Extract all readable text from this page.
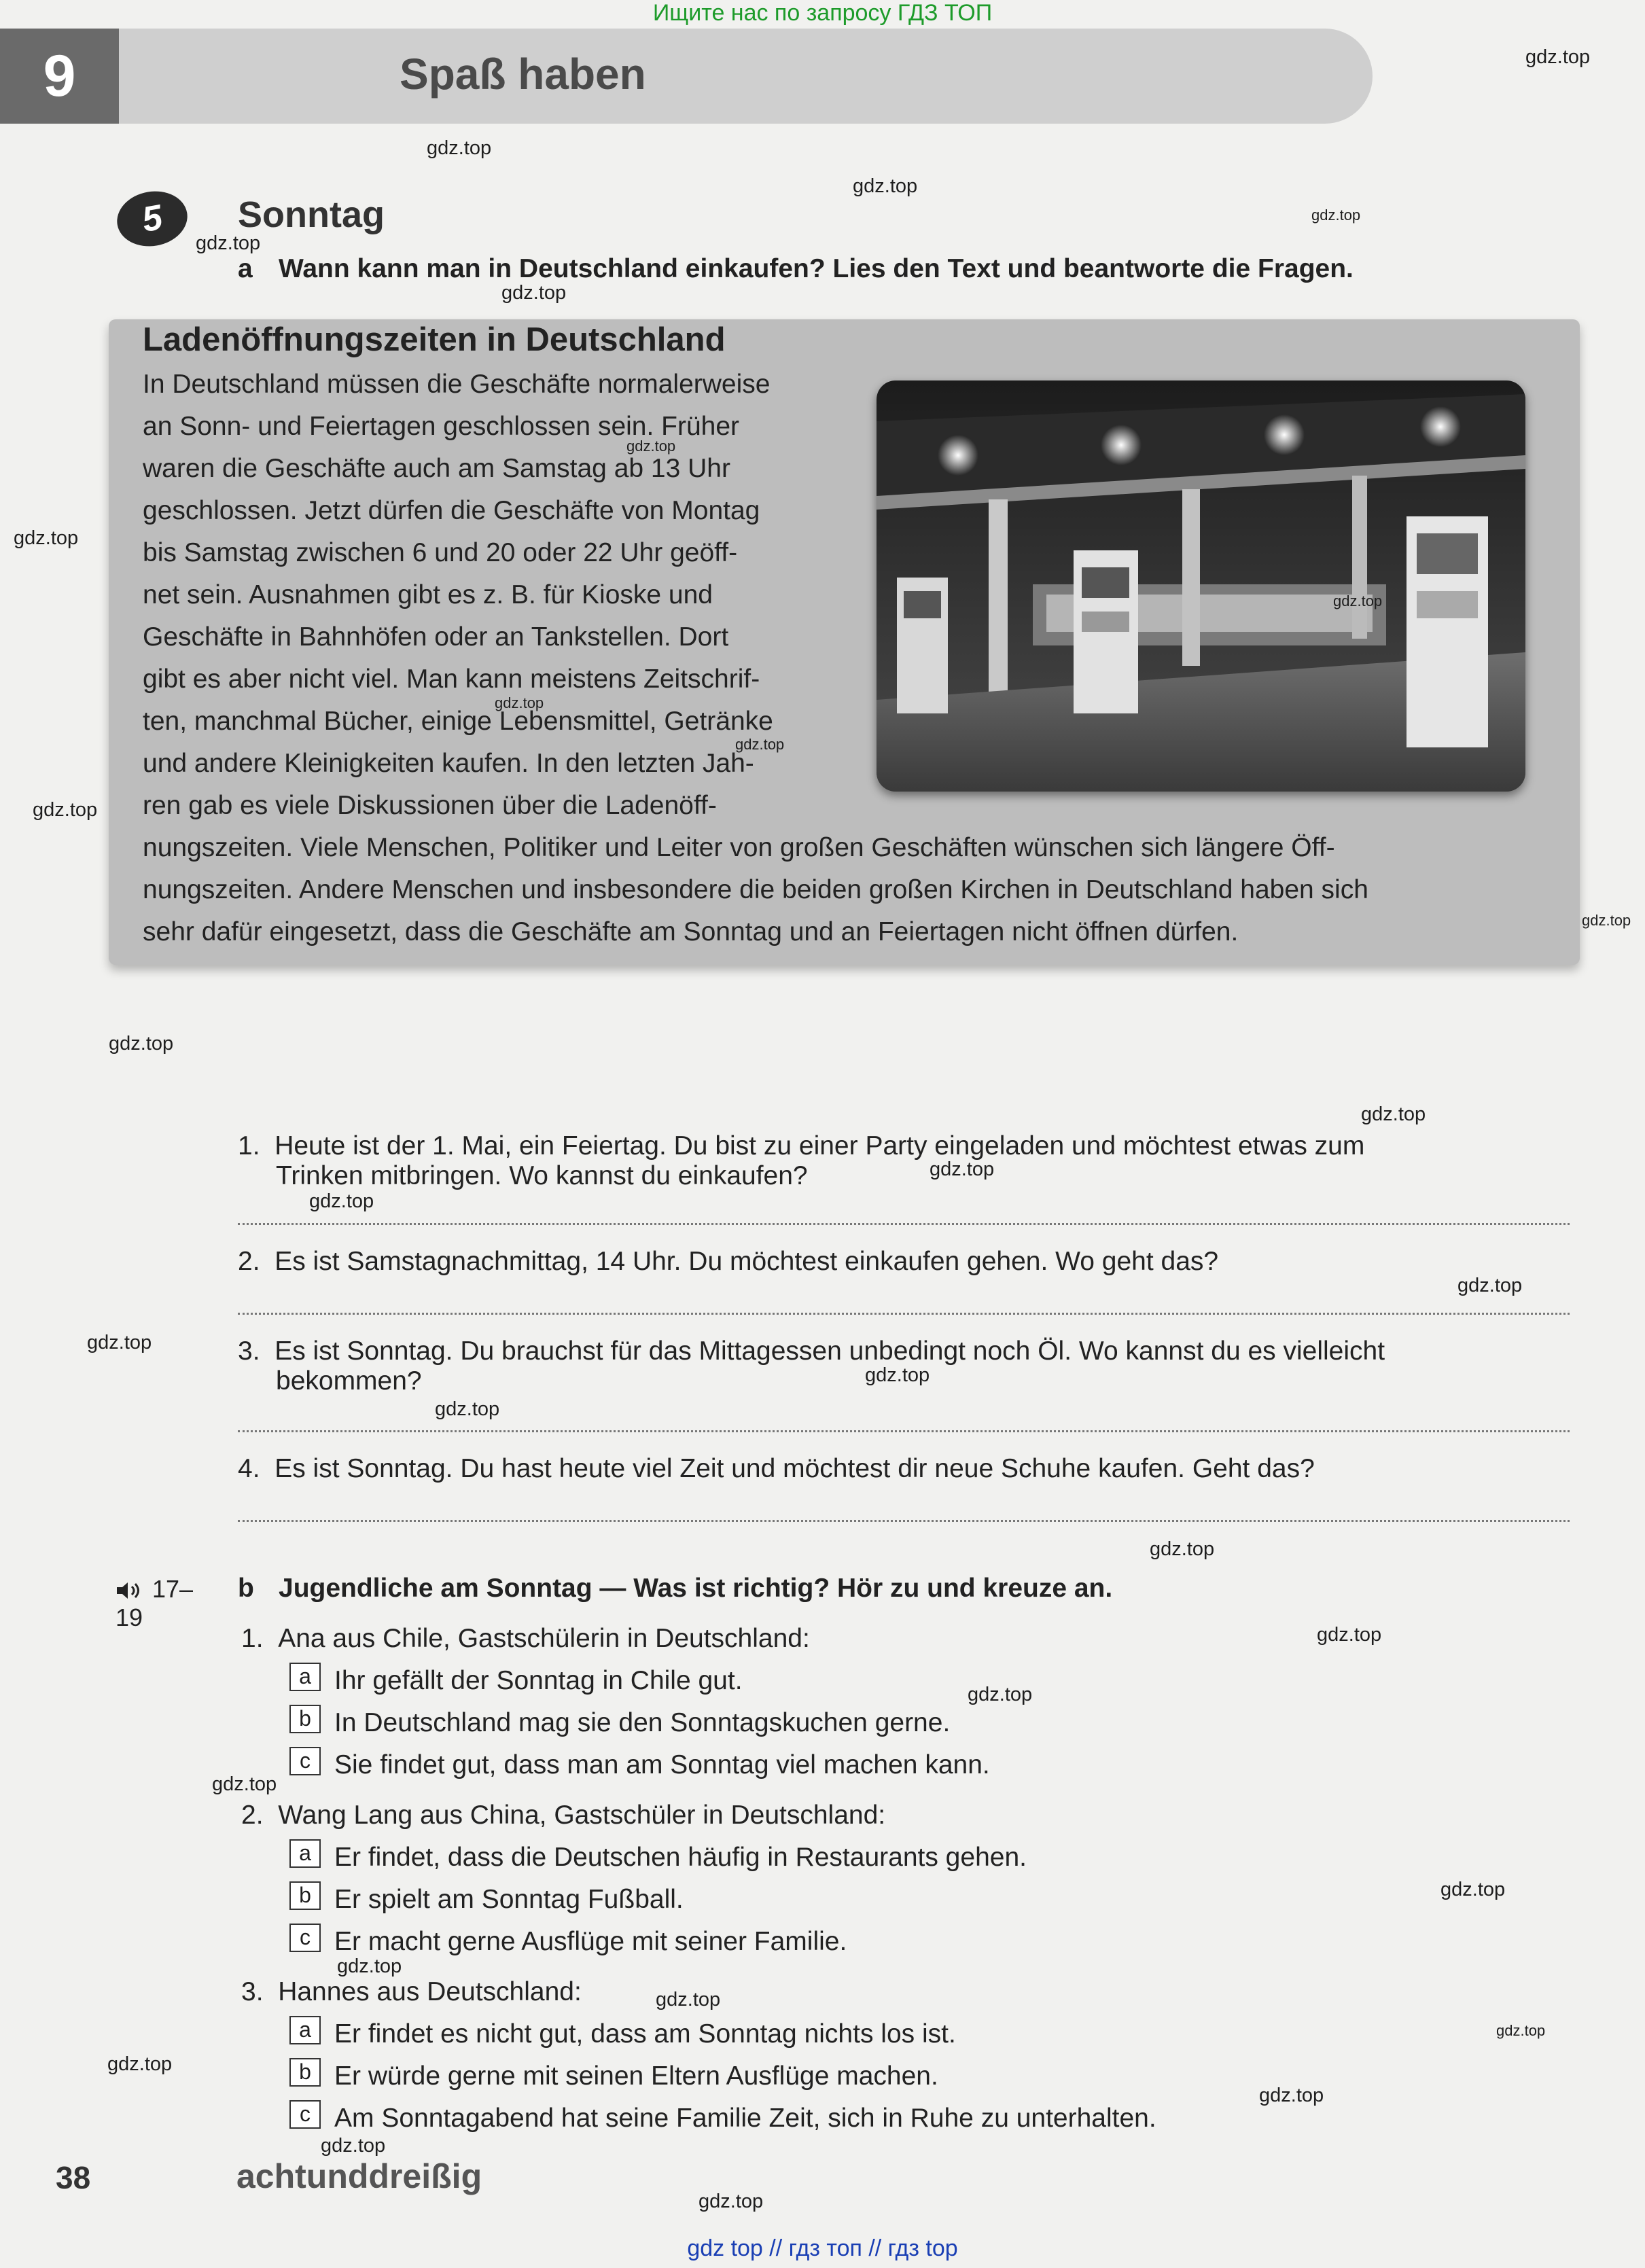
Ищите нас по запросу ГДЗ ТОП
9	Spaß haben
5	Sonntag
a Wann kann man in Deutschland einkaufen? Lies den Text und beantworte die Fragen.
Ladenöffnungszeiten in Deutschland
In Deutschland müssen die Geschäfte normalerweise
an Sonn- und Feiertagen geschlossen sein. Früher
waren die Geschäfte auch am Samstag ab 13 Uhr
geschlossen. Jetzt dürfen die Geschäfte von Montag
bis Samstag zwischen 6 und 20 oder 22 Uhr geöff-
net sein. Ausnahmen gibt es z. B. für Kioske und
Geschäfte in Bahnhöfen oder an Tankstellen. Dort
gibt es aber nicht viel. Man kann meistens Zeitschrif-
ten, manchmal Bücher, einige Lebensmittel, Getränke
und andere Kleinigkeiten kaufen. In den letzten Jah-
ren gab es viele Diskussionen über die Ladenöff-
nungszeiten. Viele Menschen, Politiker und Leiter von großen Geschäften wünschen sich längere Öff-
nungszeiten. Andere Menschen und insbesondere die beiden großen Kirchen in Deutschland haben sich
sehr dafür eingesetzt, dass die Geschäfte am Sonntag und an Feiertagen nicht öffnen dürfen.
1. Heute ist der 1. Mai, ein Feiertag. Du bist zu einer Party eingeladen und möchtest etwas zum
Trinken mitbringen. Wo kannst du einkaufen?
2. Es ist Samstagnachmittag, 14 Uhr. Du möchtest einkaufen gehen. Wo geht das?
3. Es ist Sonntag. Du brauchst für das Mittagessen unbedingt noch Öl. Wo kannst du es vielleicht
bekommen?
4. Es ist Sonntag. Du hast heute viel Zeit und möchtest dir neue Schuhe kaufen. Geht das?
17–
19
b Jugendliche am Sonntag — Was ist richtig? Hör zu und kreuze an.
1. Ana aus Chile, Gastschülerin in Deutschland:
a Ihr gefällt der Sonntag in Chile gut.
b In Deutschland mag sie den Sonntagskuchen gerne.
c Sie findet gut, dass man am Sonntag viel machen kann.
2. Wang Lang aus China, Gastschüler in Deutschland:
a Er findet, dass die Deutschen häufig in Restaurants gehen.
b Er spielt am Sonntag Fußball.
c Er macht gerne Ausflüge mit seiner Familie.
3. Hannes aus Deutschland:
a Er findet es nicht gut, dass am Sonntag nichts los ist.
b Er würde gerne mit seinen Eltern Ausflüge machen.
c Am Sonntagabend hat seine Familie Zeit, sich in Ruhe zu unterhalten.
38	achtunddreißig
gdz top // гдз топ // гдз top
gdz.top
gdz.top
gdz.top
gdz.top
gdz.top
gdz.top
gdz.top
gdz.top
gdz.top
gdz.top
gdz.top
gdz.top
gdz.top
gdz.top
gdz.top
gdz.top
gdz.top
gdz.top
gdz.top
gdz.top
gdz.top
gdz.top
gdz.top
gdz.top
gdz.top
gdz.top
gdz.top
gdz.top
gdz.top
gdz.top
gdz.top
gdz.top
gdz.top
